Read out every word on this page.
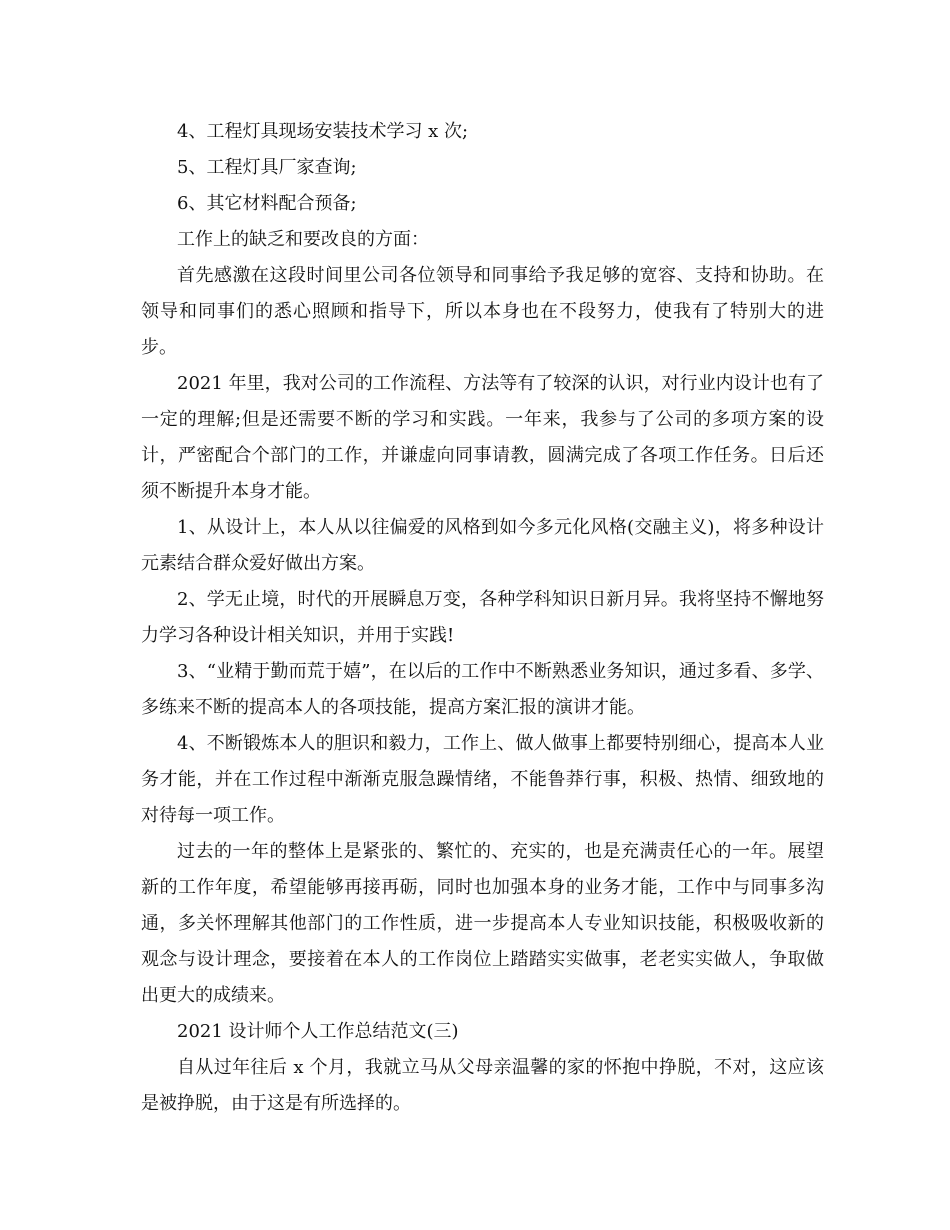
4、工程灯具现场安装技术学习 x 次;

5、工程灯具厂家查询;

6、其它材料配合预备;

工作上的缺乏和要改良的方面：

首先感激在这段时间里公司各位领导和同事给予我足够的宽容、支持和协助。在领导和同事们的悉心照顾和指导下，所以本身也在不段努力，使我有了特别大的进步。

2021 年里，我对公司的工作流程、方法等有了较深的认识，对行业内设计也有了一定的理解;但是还需要不断的学习和实践。一年来，我参与了公司的多项方案的设计，严密配合个部门的工作，并谦虚向同事请教，圆满完成了各项工作任务。日后还须不断提升本身才能。

1、从设计上，本人从以往偏爱的风格到如今多元化风格(交融主义)，将多种设计元素结合群众爱好做出方案。

2、学无止境，时代的开展瞬息万变，各种学科知识日新月异。我将坚持不懈地努力学习各种设计相关知识，并用于实践!

3、“业精于勤而荒于嬉”，在以后的工作中不断熟悉业务知识，通过多看、多学、多练来不断的提高本人的各项技能，提高方案汇报的演讲才能。

4、不断锻炼本人的胆识和毅力，工作上、做人做事上都要特别细心，提高本人业务才能，并在工作过程中渐渐克服急躁情绪，不能鲁莽行事，积极、热情、细致地的对待每一项工作。

过去的一年的整体上是紧张的、繁忙的、充实的，也是充满责任心的一年。展望新的工作年度，希望能够再接再砺，同时也加强本身的业务才能，工作中与同事多沟通，多关怀理解其他部门的工作性质，进一步提高本人专业知识技能，积极吸收新的观念与设计理念，要接着在本人的工作岗位上踏踏实实做事，老老实实做人，争取做出更大的成绩来。

2021 设计师个人工作总结范文(三)

自从过年往后 x 个月，我就立马从父母亲温馨的家的怀抱中挣脱，不对，这应该是被挣脱，由于这是有所选择的。
